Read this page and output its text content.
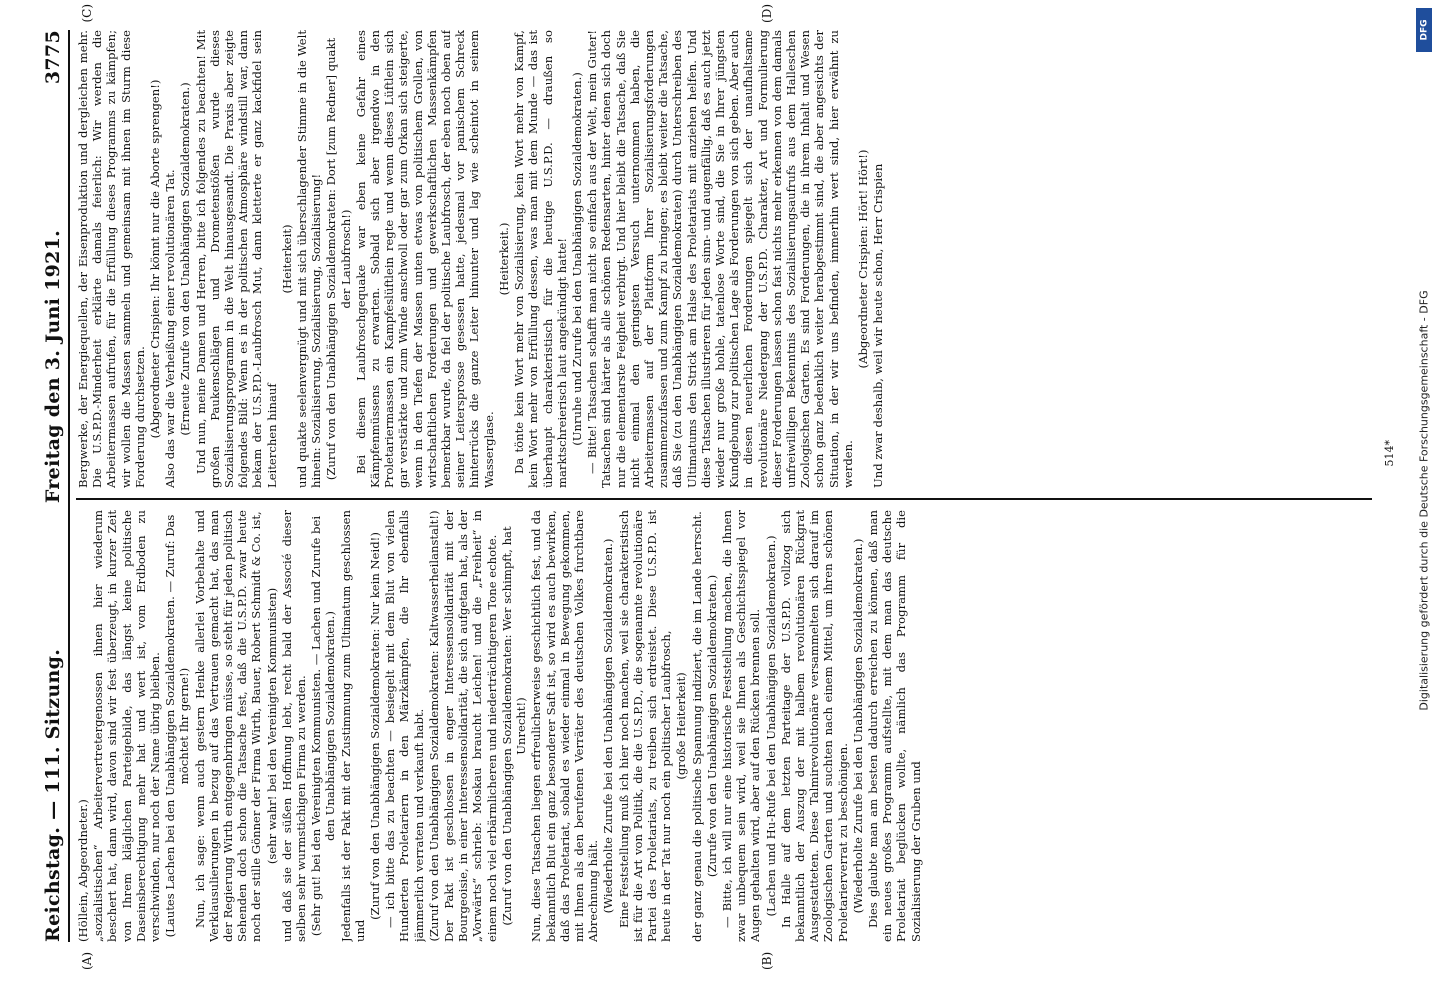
Reichstag. — 111. Sitzung.
Freitag den 3. Juni 1921.
3775
(A)	(B)
(C)	(D)

(Höllein, Abgeordneter.) „sozialistischen“ Arbeitervertretergenossen ihnen hier wiederum beschert hat, dann wird, davon sind wir fest überzeugt, in kurzer Zeit von Ihrem kläglichen Parteigebilde, das längst keine politische Daseinsberechtigung mehr hat und wert ist, vom Erdboden zu verschwinden, nur noch der Name übrig bleiben. (Lautes Lachen bei den Unabhängigen Sozialdemokraten. — Zuruf: Das möchtet Ihr gerne!) Nun, ich sage: wenn auch gestern Henke allerlei Vorbehalte und Verklausulierungen in bezug auf das Vertrauen gemacht hat, das man der Regierung Wirth entgegenbringen müsse, so steht für jeden politisch Sehenden doch schon die Tatsache fest, daß die U.S.P.D. zwar heute noch der stille Gönner der Firma Wirth, Bauer, Robert Schmidt & Co. ist, (sehr wahr! bei den Vereinigten Kommunisten) und daß sie der süßen Hoffnung lebt, recht bald der Associé dieser selben sehr wurmstichigen Firma zu werden. (Sehr gut! bei den Vereinigten Kommunisten. — Lachen und Zurufe bei den Unabhängigen Sozialdemokraten.) Jedenfalls ist der Pakt mit der Zustimmung zum Ultimatum geschlossen und

(Zuruf von den Unabhängigen Sozialdemokraten: Nur kein Neid!) — ich bitte das zu beachten — besiegelt mit dem Blut von vielen Hunderten Proletariern in den Märzkämpfen, die Ihr ebenfalls jämmerlich verraten und verkauft habt. (Zuruf von den Unabhängigen Sozialdemokraten: Kaltwasserheilanstalt!) Der Pakt ist geschlossen in enger Interessensolidarität mit der Bourgeoisie, in einer Interessensolidarität, die sich aufgetan hat, als der „Vorwärts“ schrieb: Moskau braucht Leichen! und die „Freiheit“ in einem noch viel erbärmlicheren und niederträchtigeren Tone echote. (Zuruf von den Unabhängigen Sozialdemokraten: Wer schimpft, hat Unrecht!) Nun, diese Tatsachen liegen erfreulicherweise geschichtlich fest, und da bekanntlich Blut ein ganz besonderer Saft ist, so wird es auch bewirken, daß das Proletariat, sobald es wieder einmal in Bewegung gekommen, mit Ihnen als den berufenen Verräter des deutschen Volkes furchtbare Abrechnung hält. (Wiederholte Zurufe bei den Unabhängigen Sozialdemokraten.) Eine Feststellung muß ich hier noch machen, weil sie charakteristisch ist für die Art von Politik, die die U.S.P.D., die sogenannte revolutionäre Partei des Proletariats, zu treiben sich erdreistet. Diese U.S.P.D. ist heute in der Tat nur noch ein politischer Laubfrosch, (große Heiterkeit) der ganz genau die politische Spannung indiziert, die im Lande herrscht. (Zurufe von den Unabhängigen Sozialdemokraten.) — Bitte, ich will nur eine historische Feststellung machen, die Ihnen zwar unbequem sein wird, weil sie Ihnen als Geschichtsspiegel vor Augen gehalten wird, aber auf den Rücken brennen soll. (Lachen und Hu-Rufe bei den Unabhängigen Sozialdemokraten.) In Halle auf dem letzten Parteitage der U.S.P.D. vollzog sich bekanntlich der Auszug der mit halbem revolutionären Rückgrat Ausgestatteten. Diese Talmirevolutionäre versammelten sich darauf im Zoologischen Garten und suchten nach einem Mittel, um ihren schönen Proletarierverrat zu beschönigen. (Wiederholte Zurufe bei den Unabhängigen Sozialdemokraten.) Dies glaubte man am besten dadurch erreichen zu können, daß man ein neues großes Programm aufstellte, mit dem man das deutsche Proletariat beglücken wollte, nämlich das Programm für die Sozialisierung der Gruben und

Bergwerke, der Energiequellen, der Eisenproduktion und dergleichen mehr. Die U.S.P.D.-Minderheit erklärte damals feierlich: Wir werden die Arbeitermassen aufrufen, für die Erfüllung dieses Programms zu kämpfen; wir wollen die Massen sammeln und gemeinsam mit ihnen im Sturm diese Forderung durchsetzen. (Abgeordneter Crispien: Ihr könnt nur die Aborte sprengen!) Also das war die Verheißung einer revolutionären Tat. (Erneute Zurufe von den Unabhängigen Sozialdemokraten.) Und nun, meine Damen und Herren, bitte ich folgendes zu beachten! Mit großen Paukenschlägen und Drometenstößen wurde dieses Sozialisierungsprogramm in die Welt hinausgesandt. Die Praxis aber zeigte folgendes Bild: Wenn es in der politischen Atmosphäre windstill war, dann bekam der U.S.P.D.-Laubfrosch Mut, dann kletterte er ganz kackfidel sein Leiterchen hinauf

(Heiterkeit) und quakte seelenvergnügt und mit sich überschlagender Stimme in die Welt hinein: Sozialisierung, Sozialisierung, Sozialisierung! (Zuruf von den Unabhängigen Sozialdemokraten: Dort [zum Redner] quakt der Laubfrosch!) Bei diesem Laubfroschgequake war eben keine Gefahr eines Kämpfenmüssens zu erwarten. Sobald sich aber irgendwo in den Proletariermassen ein Kampfeslüftlein regte und wenn dieses Lüftlein sich gar verstärkte und zum Winde anschwoll oder gar zum Orkan sich steigerte, wenn in den Tiefen der Massen unten etwas von politischem Grollen, von wirtschaftlichen Forderungen und gewerkschaftlichen Massenkämpfen bemerkbar wurde, da fiel der politische Laubfrosch, der eben noch oben auf seiner Leitersprosse gesessen hatte, jedesmal vor panischem Schreck hinterrücks die ganze Leiter hinunter und lag wie scheintot in seinem Wasserglase.

(Heiterkeit.) Da tönte kein Wort mehr von Sozialisierung, kein Wort mehr von Kampf, kein Wort mehr von Erfüllung dessen, was man mit dem Munde — das ist überhaupt charakteristisch für die heutige U.S.P.D. — draußen so marktschreierisch laut angekündigt hatte! (Unruhe und Zurufe bei den Unabhängigen Sozialdemokraten.) — Bitte! Tatsachen schafft man nicht so einfach aus der Welt, mein Guter! Tatsachen sind härter als alle schönen Redensarten, hinter denen sich doch nur die elementarste Feigheit verbirgt. Und hier bleibt die Tatsache, daß Sie nicht einmal den geringsten Versuch unternommen haben, die Arbeitermassen auf der Plattform Ihrer Sozialisierungsforderungen zusammenzufassen und zum Kampf zu bringen; es bleibt weiter die Tatsache, daß Sie (zu den Unabhängigen Sozialdemokraten) durch Unterschreiben des Ultimatums den Strick am Halse des Proletariats mit anziehen helfen. Und diese Tatsachen illustrieren für jeden sinn- und augenfällig, daß es auch jetzt wieder nur große hohle, tatenlose Worte sind, die Sie in Ihrer jüngsten Kundgebung zur politischen Lage als Forderungen von sich geben. Aber auch in diesen neuerlichen Forderungen spiegelt sich der unaufhaltsame revolutionäre Niedergang der U.S.P.D. Charakter, Art und Formulierung dieser Forderungen lassen schon fast nichts mehr erkennen von dem damals unfreiwilligen Bekenntnis des Sozialisierungsaufrufs aus dem Halleschen Zoologischen Garten. Es sind Forderungen, die in ihrem Inhalt und Wesen schon ganz bedenklich weiter herabgestimmt sind, die aber angesichts der Situation, in der wir uns befinden, immerhin wert sind, hier erwähnt zu werden.

(Abgeordneter Crispien: Hört! Hört!) Und zwar deshalb, weil wir heute schon, Herr Crispien	514* Digitalisierung gefördert durch die Deutsche Forschungsgemeinschaft - DFG
DFG
